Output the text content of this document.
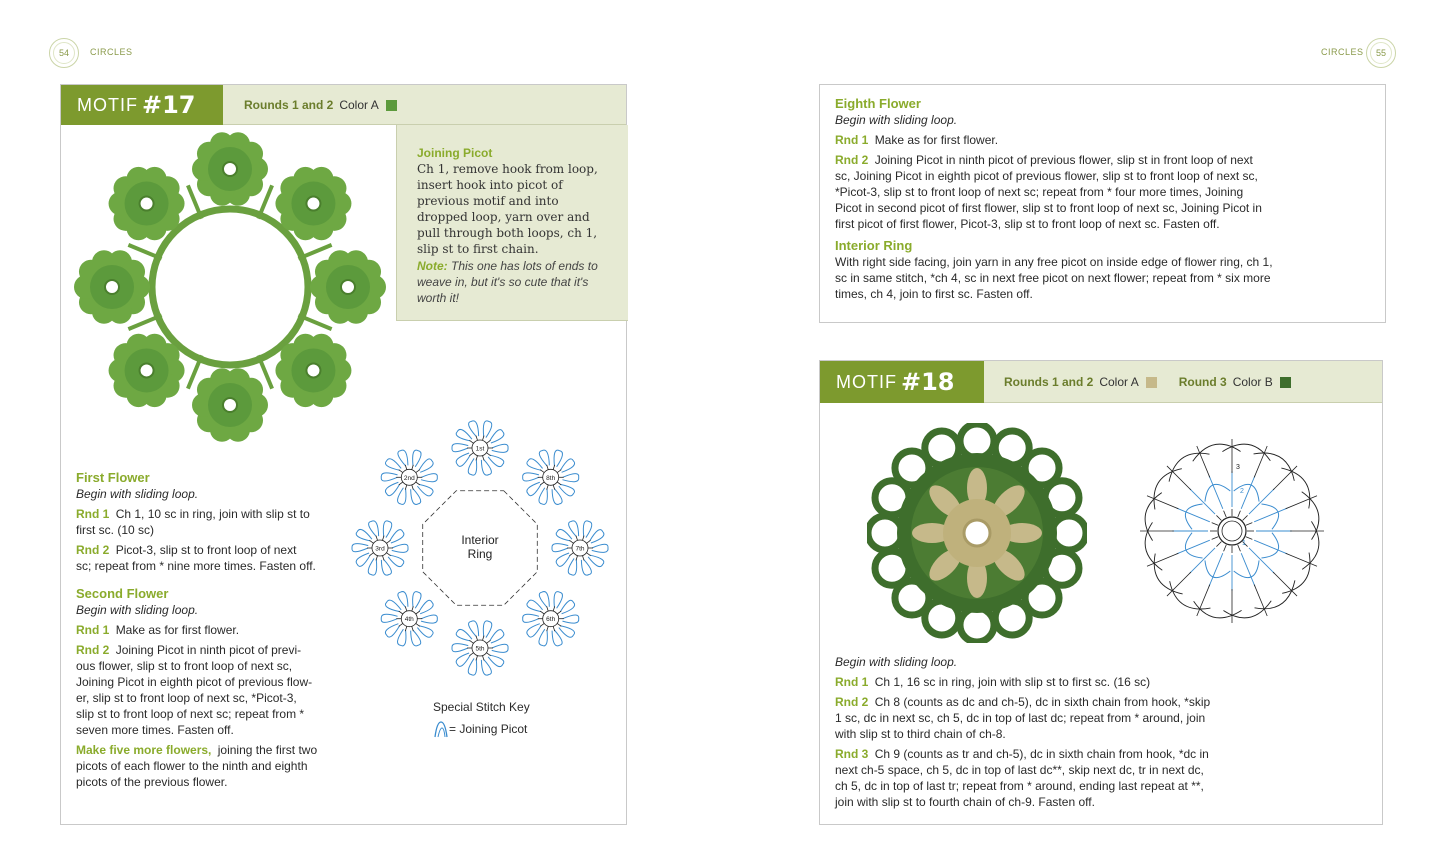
54 CIRCLES	CIRCLES 55
MOTIF #17	Rounds 1 and 2 Color A
Joining Picot
Ch 1, remove hook from loop, insert hook into picot of previous motif and into dropped loop, yarn over and pull through both loops, ch 1, slip st to first chain.
Note: This one has lots of ends to weave in, but it's so cute that it's worth it!
1st
8th
7th
6th
5th
4th
3rd
2nd
Interior
Ring
Special Stitch Key
= Joining Picot
First Flower
Begin with sliding loop.
Rnd 1 Ch 1, 10 sc in ring, join with slip st to
first sc. (10 sc)
Rnd 2 Picot-3, slip st to front loop of next
sc; repeat from * nine more times. Fasten off.
Second Flower
Begin with sliding loop.
Rnd 1 Make as for first flower.
Rnd 2 Joining Picot in ninth picot of previ-
ous flower, slip st to front loop of next sc,
Joining Picot in eighth picot of previous flow-
er, slip st to front loop of next sc, *Picot-3,
slip st to front loop of next sc; repeat from *
seven more times. Fasten off.
Make five more flowers, joining the first two
picots of each flower to the ninth and eighth
picots of the previous flower.
Eighth Flower
Begin with sliding loop.
Rnd 1 Make as for first flower.
Rnd 2 Joining Picot in ninth picot of previous flower, slip st in front loop of next
sc, Joining Picot in eighth picot of previous flower, slip st to front loop of next sc,
*Picot-3, slip st to front loop of next sc; repeat from * four more times, Joining
Picot in second picot of first flower, slip st to front loop of next sc, Joining Picot in
first picot of first flower, Picot-3, slip st to front loop of next sc. Fasten off.
Interior Ring
With right side facing, join yarn in any free picot on inside edge of flower ring, ch 1,
sc in same stitch, *ch 4, sc in next free picot on next flower; repeat from * six more
times, ch 4, join to first sc. Fasten off.
MOTIF #18	Rounds 1 and 2 Color A	Round 3 Color B
1
2
3
Begin with sliding loop.
Rnd 1 Ch 1, 16 sc in ring, join with slip st to first sc. (16 sc)
Rnd 2 Ch 8 (counts as dc and ch-5), dc in sixth chain from hook, *skip
1 sc, dc in next sc, ch 5, dc in top of last dc; repeat from * around, join
with slip st to third chain of ch-8.
Rnd 3 Ch 9 (counts as tr and ch-5), dc in sixth chain from hook, *dc in
next ch-5 space, ch 5, dc in top of last dc**, skip next dc, tr in next dc,
ch 5, dc in top of last tr; repeat from * around, ending last repeat at **,
join with slip st to fourth chain of ch-9. Fasten off.
